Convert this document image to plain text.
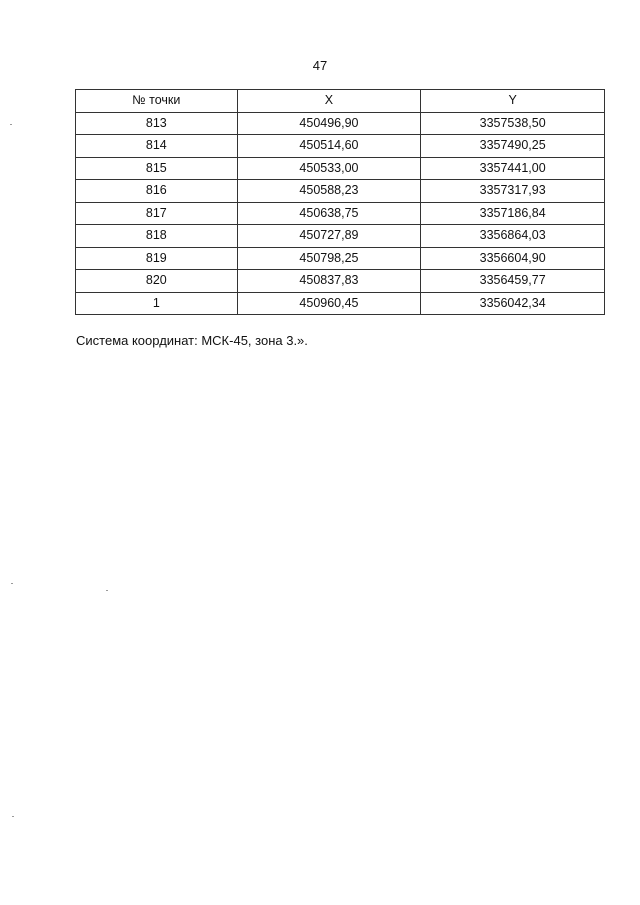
47
№ точки	X	Y
813	450496,90	3357538,50
814	450514,60	3357490,25
815	450533,00	3357441,00
816	450588,23	3357317,93
817	450638,75	3357186,84
818	450727,89	3356864,03
819	450798,25	3356604,90
820	450837,83	3356459,77
1	450960,45	3356042,34
Система координат: МСК-45, зона 3.».
